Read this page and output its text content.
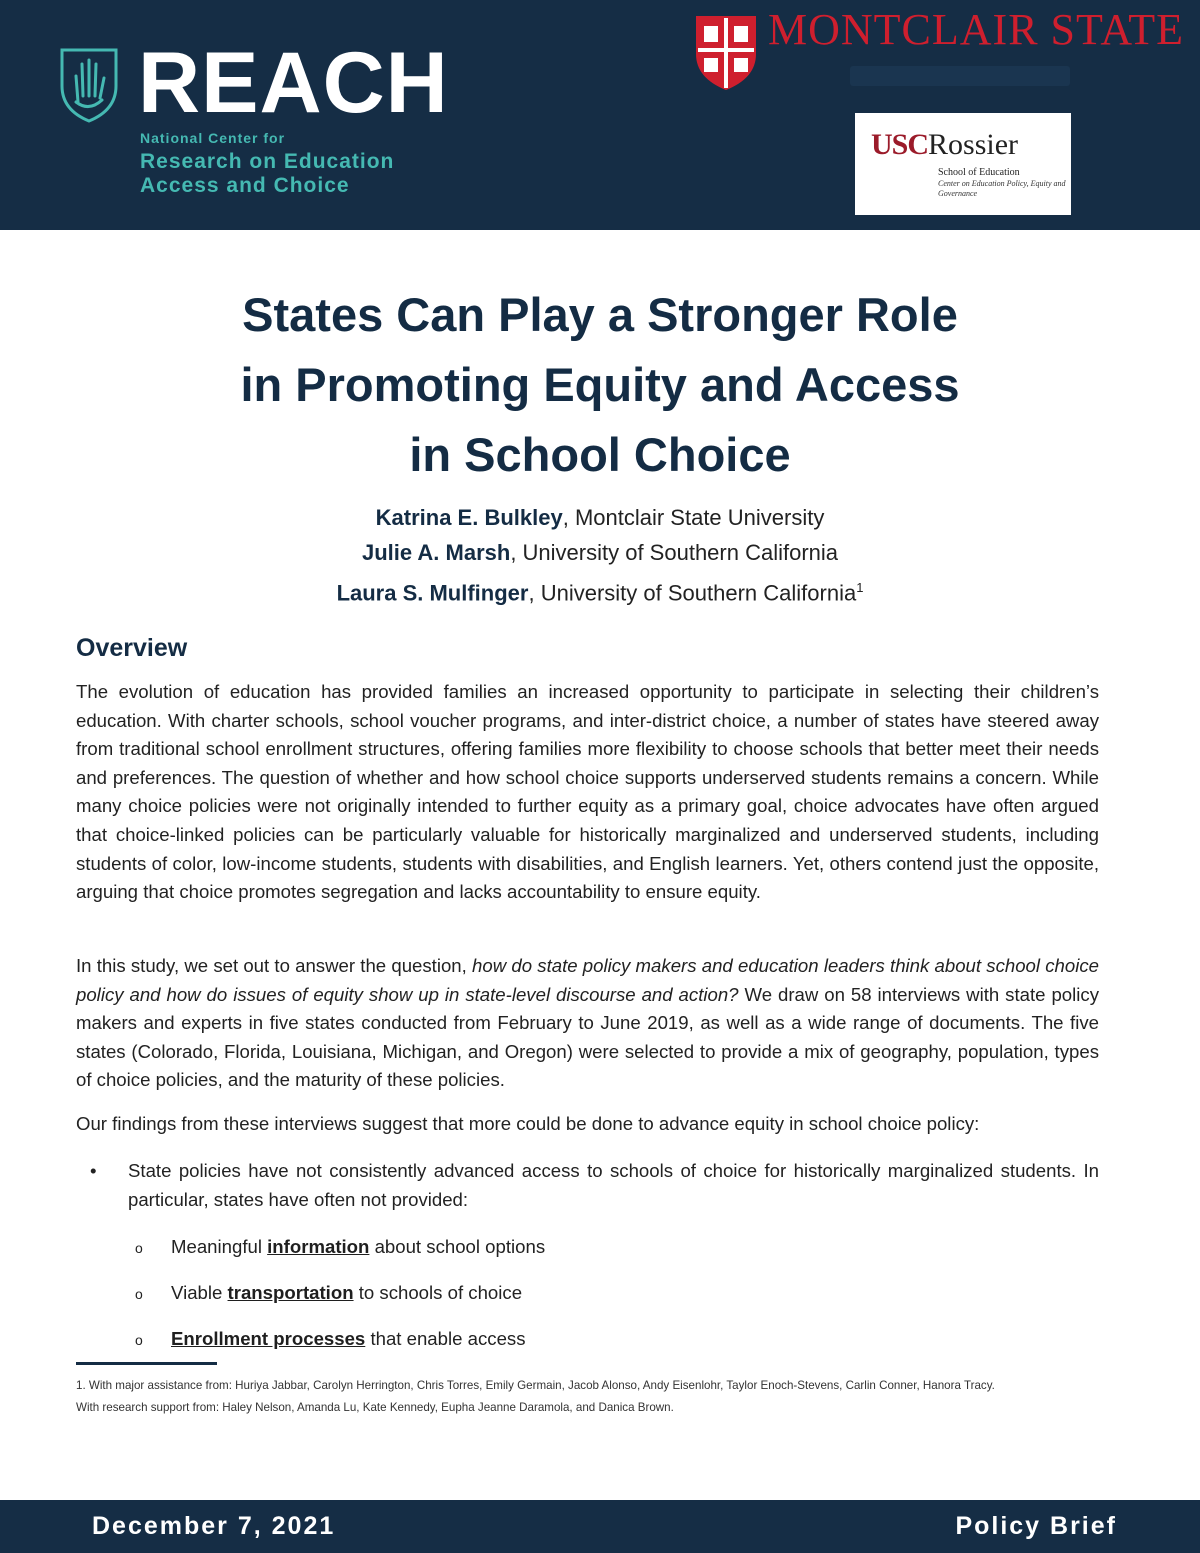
REACH
National Center for
Research on Education
Access and Choice
MONTCLAIR STATE
USCRossier
School of Education
Center on Education Policy, Equity and Governance
States Can Play a Stronger Role
in Promoting Equity and Access
in School Choice
Katrina E. Bulkley, Montclair State University
Julie A. Marsh, University of Southern California
Laura S. Mulfinger, University of Southern California$^1$
Overview

The evolution of education has provided families an increased opportunity to participate in selecting their children’s education. With charter schools, school voucher programs, and inter-district choice, a number of states have steered away from traditional school enrollment structures, offering families more flexibility to choose schools that better meet their needs and preferences. The question of whether and how school choice supports underserved students remains a concern. While many choice policies were not originally intended to further equity as a primary goal, choice advocates have often argued that choice-linked policies can be particularly valuable for historically marginalized and underserved students, including students of color, low-income students, students with disabilities, and English learners. Yet, others contend just the opposite, arguing that choice promotes segregation and lacks accountability to ensure equity.

In this study, we set out to answer the question, how do state policy makers and education leaders think about school choice policy and how do issues of equity show up in state-level discourse and action? We draw on 58 interviews with state policy makers and experts in five states conducted from February to June 2019, as well as a wide range of documents. The five states (Colorado, Florida, Louisiana, Michigan, and Oregon) were selected to provide a mix of geography, population, types of choice policies, and the maturity of these policies.

Our findings from these interviews suggest that more could be done to advance equity in school choice policy:

• State policies have not consistently advanced access to schools of choice for historically marginalized students. In particular, states have often not provided:
o Meaningful information about school options
o Viable transportation to schools of choice
o Enrollment processes that enable access
1. With major assistance from: Huriya Jabbar, Carolyn Herrington, Chris Torres, Emily Germain, Jacob Alonso, Andy Eisenlohr, Taylor Enoch-Stevens, Carlin Conner, Hanora Tracy.
With research support from: Haley Nelson, Amanda Lu, Kate Kennedy, Eupha Jeanne Daramola, and Danica Brown.
December 7, 2021	Policy Brief
